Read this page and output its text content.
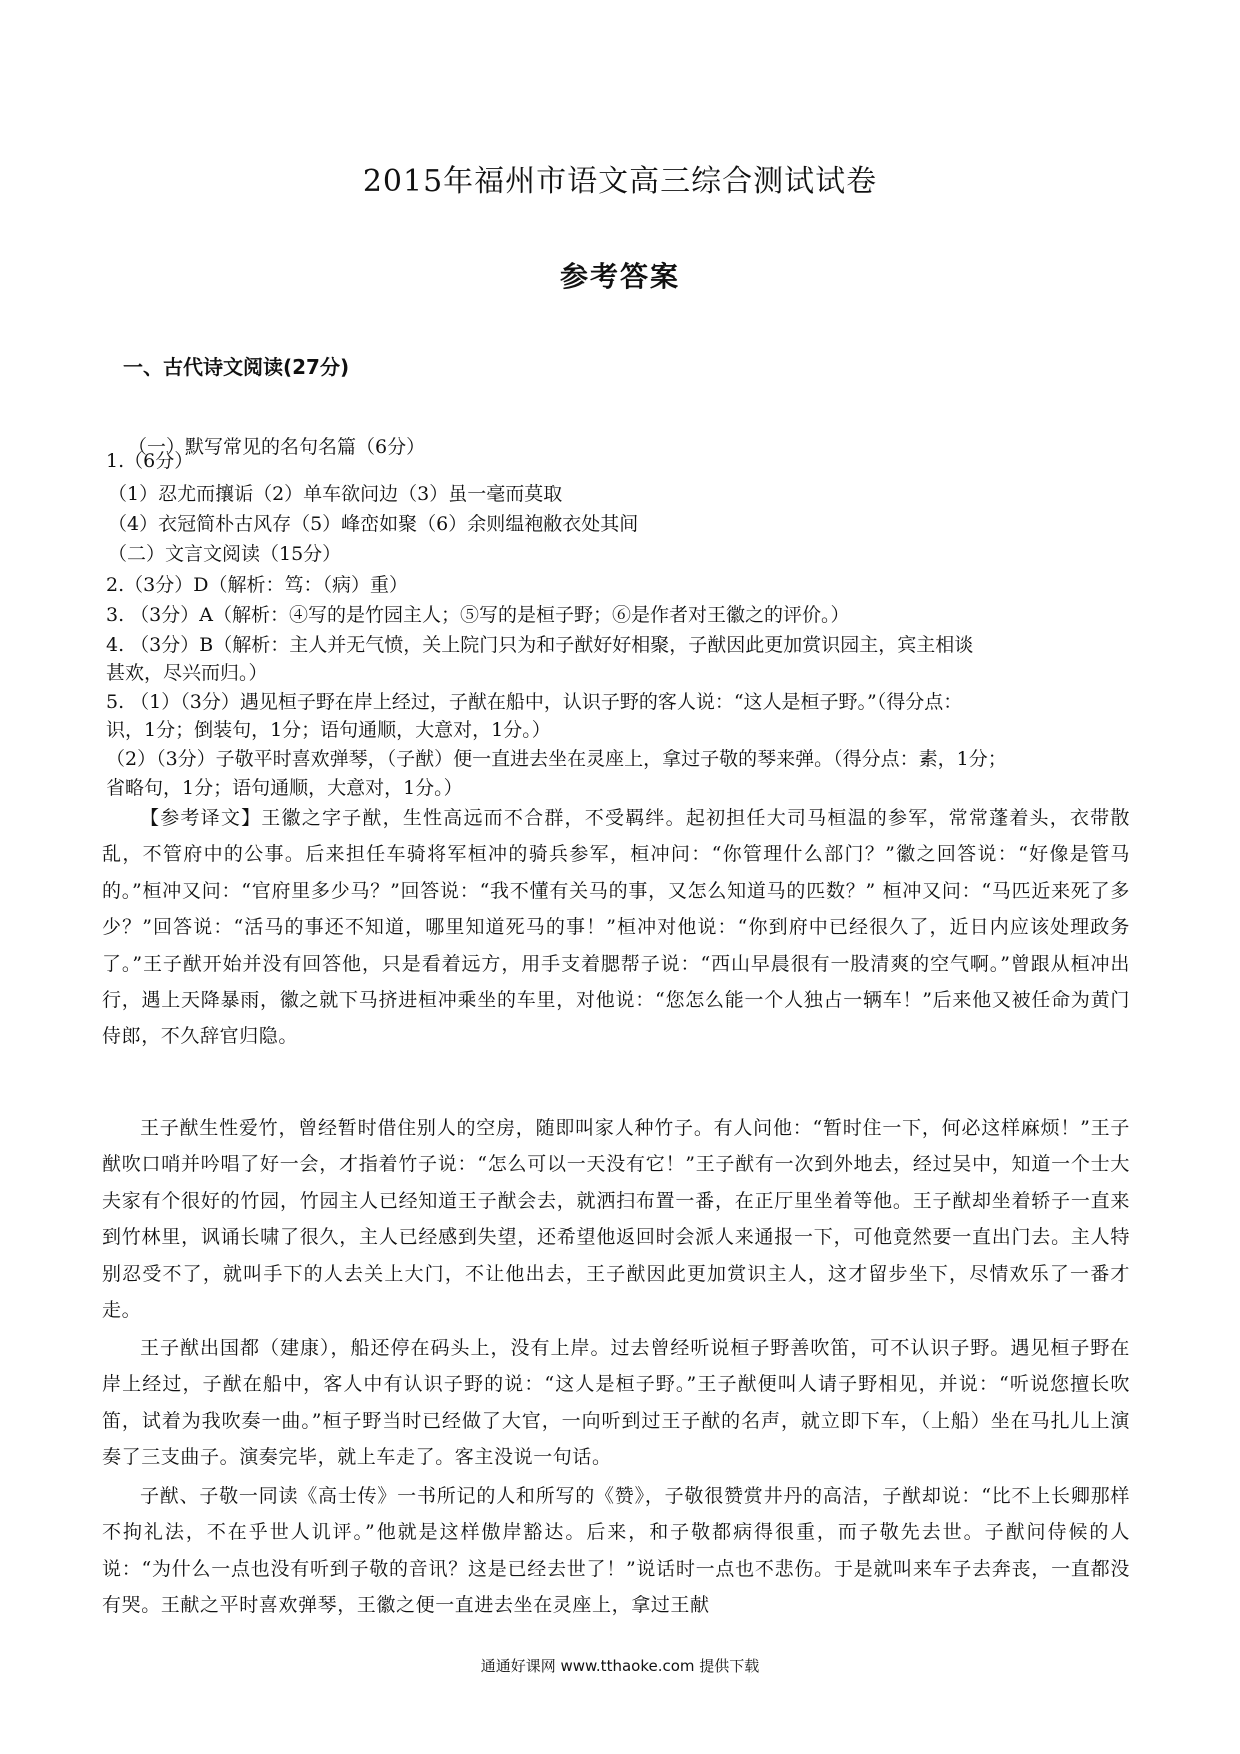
2015年福州市语文高三综合测试试卷
参考答案
一、古代诗文阅读(27分)
（一）默写常见的名句名篇（6分）
1.（6分）
（1）忍尤而攘诟（2）单车欲问边（3）虽一毫而莫取
（4）衣冠简朴古风存（5）峰峦如聚（6）余则缊袍敝衣处其间
（二）文言文阅读（15分）
2.（3分）D（解析：笃：（病）重）
3. （3分）A（解析：④写的是竹园主人；⑤写的是桓子野；⑥是作者对王徽之的评价。）
4. （3分）B（解析：主人并无气愤，关上院门只为和子猷好好相聚，子猷因此更加赏识园主，宾主相谈
甚欢，尽兴而归。）
5. （1）（3分）遇见桓子野在岸上经过，子猷在船中，认识子野的客人说：“这人是桓子野。”（得分点：
识，1分；倒装句，1分；语句通顺，大意对，1分。）
（2）（3分）子敬平时喜欢弹琴，（子猷）便一直进去坐在灵座上，拿过子敬的琴来弹。（得分点：素，1分；
省略句，1分；语句通顺，大意对，1分。）
【参考译文】王徽之字子猷，生性高远而不合群，不受羁绊。起初担任大司马桓温的参军，常常蓬着头，衣带散乱，不管府中的公事。后来担任车骑将军桓冲的骑兵参军，桓冲问：“你管理什么部门？”徽之回答说：“好像是管马的。”桓冲又问：“官府里多少马？”回答说：“我不懂有关马的事，又怎么知道马的匹数？” 桓冲又问：“马匹近来死了多少？”回答说：“活马的事还不知道，哪里知道死马的事！”桓冲对他说：“你到府中已经很久了，近日内应该处理政务了。”王子猷开始并没有回答他，只是看着远方，用手支着腮帮子说：“西山早晨很有一股清爽的空气啊。”曾跟从桓冲出行，遇上天降暴雨，徽之就下马挤进桓冲乘坐的车里，对他说：“您怎么能一个人独占一辆车！”后来他又被任命为黄门侍郎，不久辞官归隐。
王子猷生性爱竹，曾经暂时借住别人的空房，随即叫家人种竹子。有人问他：“暂时住一下，何必这样麻烦！”王子猷吹口哨并吟唱了好一会，才指着竹子说：“怎么可以一天没有它！”王子猷有一次到外地去，经过吴中，知道一个士大夫家有个很好的竹园，竹园主人已经知道王子猷会去，就洒扫布置一番，在正厅里坐着等他。王子猷却坐着轿子一直来到竹林里，讽诵长啸了很久，主人已经感到失望，还希望他返回时会派人来通报一下，可他竟然要一直出门去。主人特别忍受不了，就叫手下的人去关上大门，不让他出去，王子猷因此更加赏识主人，这才留步坐下，尽情欢乐了一番才走。
王子猷出国都（建康），船还停在码头上，没有上岸。过去曾经听说桓子野善吹笛，可不认识子野。遇见桓子野在岸上经过，子猷在船中，客人中有认识子野的说：“这人是桓子野。”王子猷便叫人请子野相见，并说：“听说您擅长吹笛，试着为我吹奏一曲。”桓子野当时已经做了大官，一向听到过王子猷的名声，就立即下车，（上船）坐在马扎儿上演奏了三支曲子。演奏完毕，就上车走了。客主没说一句话。
子猷、子敬一同读《高士传》一书所记的人和所写的《赞》，子敬很赞赏井丹的高洁，子猷却说：“比不上长卿那样不拘礼法，不在乎世人讥评。”他就是这样傲岸豁达。后来，和子敬都病得很重，而子敬先去世。子猷问侍候的人说：“为什么一点也没有听到子敬的音讯？这是已经去世了！”说话时一点也不悲伤。于是就叫来车子去奔丧，一直都没有哭。王献之平时喜欢弹琴，王徽之便一直进去坐在灵座上，拿过王献
通通好课网 www.tthaoke.com 提供下载
